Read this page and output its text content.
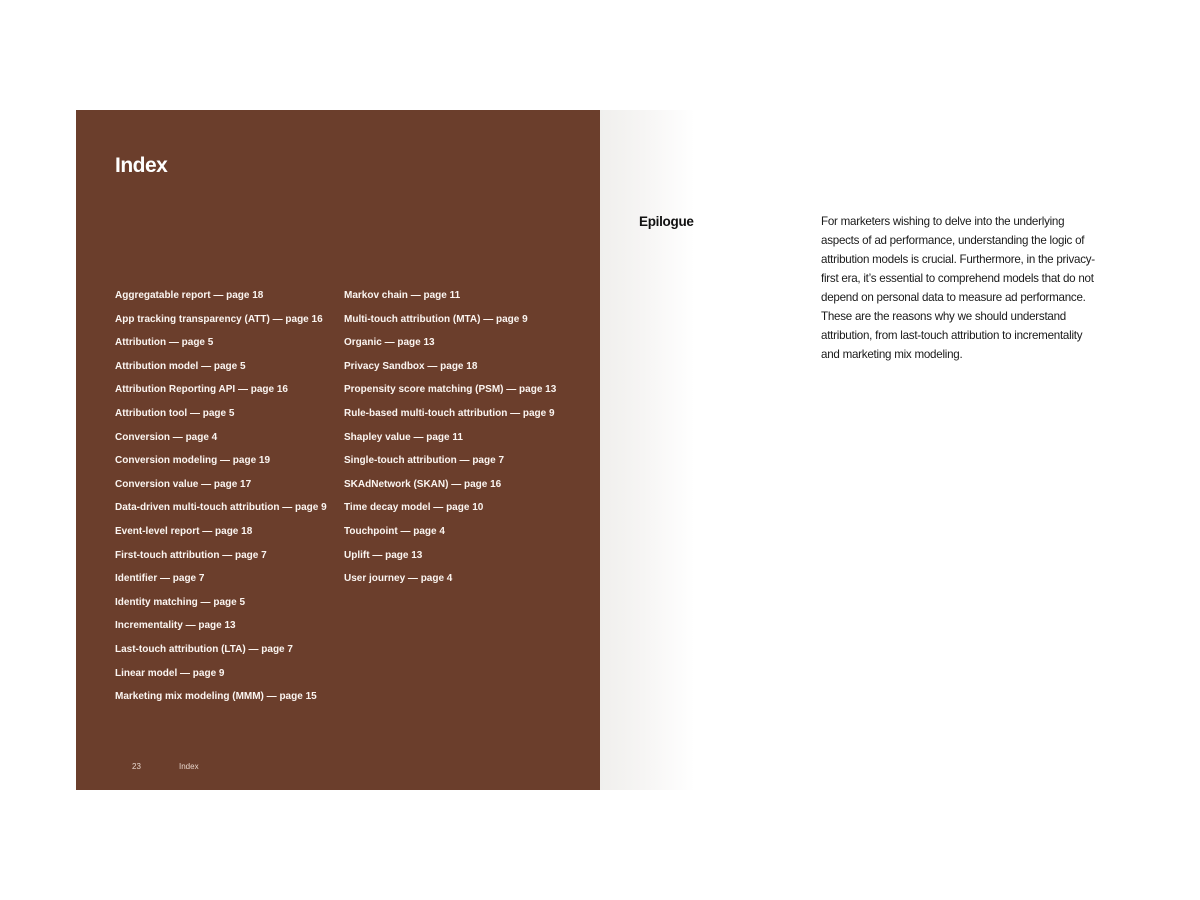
Index
Aggregatable report — page 18
App tracking transparency (ATT) — page 16
Attribution — page 5
Attribution model — page 5
Attribution Reporting API — page 16
Attribution tool — page 5
Conversion — page 4
Conversion modeling — page 19
Conversion value — page 17
Data-driven multi-touch attribution — page 9
Event-level report — page 18
First-touch attribution — page 7
Identifier — page 7
Identity matching — page 5
Incrementality — page 13
Last-touch attribution (LTA) — page 7
Linear model — page 9
Marketing mix modeling (MMM) — page 15
Markov chain — page 11
Multi-touch attribution (MTA) — page 9
Organic — page 13
Privacy Sandbox — page 18
Propensity score matching (PSM) — page 13
Rule-based multi-touch attribution — page 9
Shapley value — page 11
Single-touch attribution — page 7
SKAdNetwork (SKAN) — page 16
Time decay model — page 10
Touchpoint — page 4
Uplift — page 13
User journey — page 4
23	Index
Epilogue	For marketers wishing to delve into the underlying aspects of ad performance, understanding the logic of attribution models is crucial. Furthermore, in the privacy-first era, it’s essential to comprehend models that do not depend on personal data to measure ad performance. These are the reasons why we should understand attribution, from last-touch attribution to incrementality and marketing mix modeling.
